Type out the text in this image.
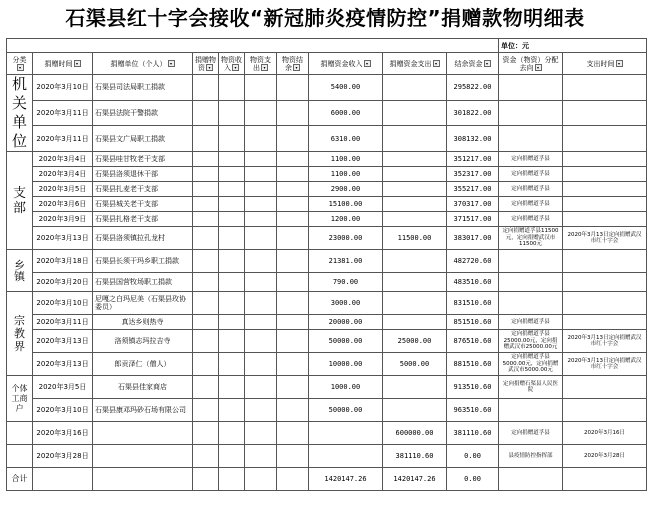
石渠县红十字会接收“新冠肺炎疫情防控”捐赠款物明细表
										单位：元	
分类▾	捐赠时间 ▾	捐赠单位（个人） ▾	捐赠物资 ▾	物资收入 ▾	物资支出 ▾	物资结余 ▾	捐赠资金收入 ▾	捐赠资金支出 ▾	结余资金 ▾	资金（物资）分配去向 ▾	支出时间 ▾
机关单位	2020年3月10日	石渠县司法局职工捐款					5400.00		295822.00		
	2020年3月11日	石渠县法院干警捐款					6000.00		301822.00		
	2020年3月11日	石渠县文广局职工捐款					6310.00		308132.00		
支部	2020年3月4日	石渠县哇甘牧老干支部					1100.00		351217.00	定向捐赠道孚县	
	2020年3月4日	石渠县洛须退休干部					1100.00		352317.00	定向捐赠道孚县	
	2020年3月5日	石渠县扎麦老干支部					2900.00		355217.00	定向捐赠道孚县	
	2020年3月6日	石渠县城关老干支部					15100.00		370317.00	定向捐赠道孚县	
	2020年3月9日	石渠县扎格老干支部					1200.00		371517.00	定向捐赠道孚县	
	2020年3月13日	石渠县洛须镇拉孔龙村					23000.00	11500.00	383017.00	定向捐赠道孚县11500元，定向捐赠武汉市11500元	2020年3月13日定向捐赠武汉市红十字会
乡镇	2020年3月18日	石渠县长须干玛乡职工捐款					21381.00		482720.60		
	2020年3月20日	石渠县国营牧场职工捐款					790.00		483510.60		
宗教界	2020年3月10日	尼嘎之白玛尼美（石渠县玫协委员）					3000.00		831510.60		
	2020年3月11日	真达乡则热寺					20000.00		851510.60	定向捐赠道孚县	
	2020年3月13日	洛须镇志玛拉吉寺					50000.00	25000.00	876510.60	定向捐赠道孚县25000.00元，定向捐赠武汉市25000.00元	2020年3月13日定向捐赠武汉市红十字会
	2020年3月13日	郎贡泽仁（僧人）					10000.00	5000.00	881510.60	定向捐赠道孚县5000.00元，定向捐赠武汉市5000.00元	2020年3月13日定向捐赠武汉市红十字会
个体工商户	2020年3月5日	石渠县佳家商店					1000.00		913510.60	定向捐赠石渠县人民医院	
	2020年3月10日	石渠县康邓玛砂石场有限公司					50000.00		963510.60		
	2020年3月16日							600000.00	381110.60	定向捐赠道孚县	2020年3月16日
	2020年3月28日							381110.60	0.00	县疫情防控指挥部	2020年3月28日
合计							1420147.26	1420147.26	0.00		
